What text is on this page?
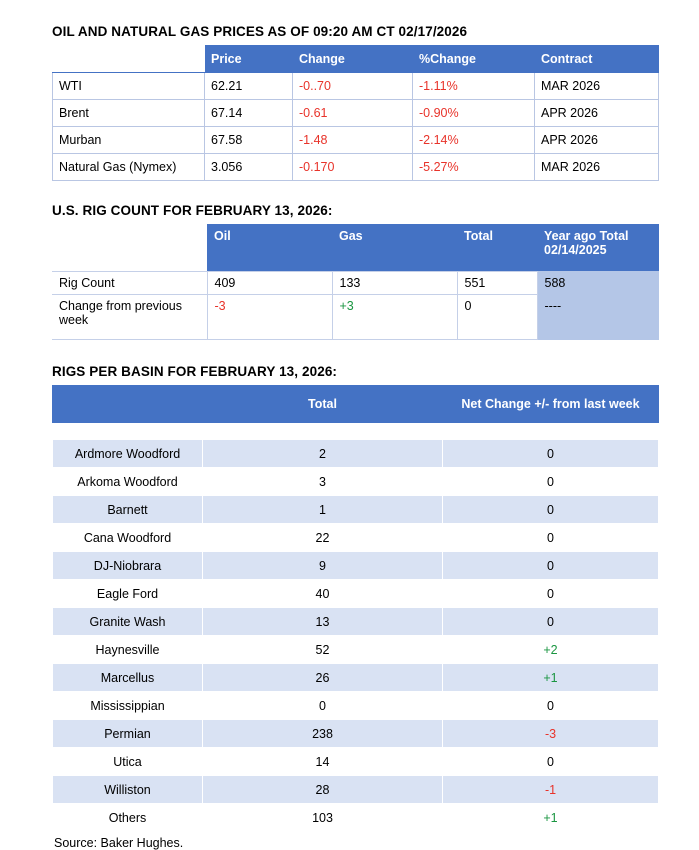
OIL AND NATURAL GAS PRICES AS OF 09:20 AM CT 02/17/2026
	Price	Change	%Change	Contract
WTI	62.21	-0..70	-1.11%	MAR 2026
Brent	67.14	-0.61	-0.90%	APR 2026
Murban	67.58	-1.48	-2.14%	APR 2026
Natural Gas (Nymex)	3.056	-0.170	-5.27%	MAR 2026
U.S. RIG COUNT FOR FEBRUARY 13, 2026:
	Oil	Gas	Total	Year ago Total 02/14/2025
Rig Count	409	133	551	588
Change from previous week	-3	+3	0	----
RIGS PER BASIN FOR FEBRUARY 13, 2026:
	Total	Net Change +/- from last week

Ardmore Woodford	2	0
Arkoma Woodford	3	0
Barnett	1	0
Cana Woodford	22	0
DJ-Niobrara	9	0
Eagle Ford	40	0
Granite Wash	13	0
Haynesville	52	+2
Marcellus	26	+1
Mississippian	0	0
Permian	238	-3
Utica	14	0
Williston	28	-1
Others	103	+1
Source: Baker Hughes.
